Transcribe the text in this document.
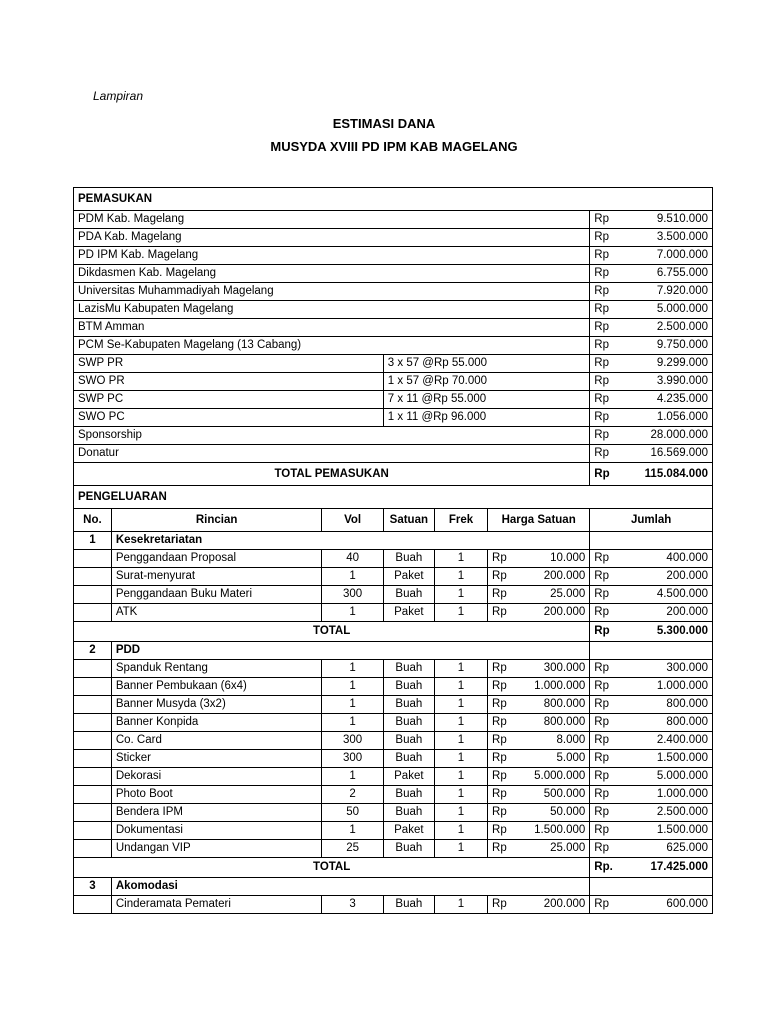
Lampiran
ESTIMASI DANA
MUSYDA XVIII PD IPM KAB MAGELANG
PEMASUKAN						
PDM Kab. Magelang						Rp 9.510.000

PDA Kab. Magelang						Rp 3.500.000

PD IPM Kab. Magelang						Rp 7.000.000

Dikdasmen Kab. Magelang						Rp 6.755.000

Universitas Muhammadiyah Magelang						Rp 7.920.000

LazisMu Kabupaten Magelang						Rp 5.000.000

BTM Amman						Rp 2.500.000

PCM Se-Kabupaten Magelang (13 Cabang)						Rp 9.750.000

SWP PR			3 x 57 @Rp 55.000			Rp 9.299.000

SWO PR			1 x 57 @Rp 70.000			Rp 3.990.000

SWP PC			7 x 11 @Rp 55.000			Rp 4.235.000

SWO PC			1 x 11 @Rp 96.000			Rp 1.056.000

Sponsorship						Rp 28.000.000

Donatur						Rp 16.569.000

TOTAL PEMASUKAN						Rp 115.084.000

PENGELUARAN						
No.	Rincian	Vol	Satuan	Frek	Harga Satuan	Jumlah
1	Kesekretariatan					
	Penggandaan Proposal	40	Buah	1	Rp 10.000	Rp 400.000

	Surat-menyurat	1	Paket	1	Rp 200.000	Rp 200.000

	Penggandaan Buku Materi	300	Buah	1	Rp 25.000	Rp 4.500.000

	ATK	1	Paket	1	Rp 200.000	Rp 200.000

TOTAL						Rp 5.300.000

2	PDD					
	Spanduk Rentang	1	Buah	1	Rp 300.000	Rp 300.000

	Banner Pembukaan (6x4)	1	Buah	1	Rp 1.000.000	Rp 1.000.000

	Banner Musyda (3x2)	1	Buah	1	Rp 800.000	Rp 800.000

	Banner Konpida	1	Buah	1	Rp 800.000	Rp 800.000

	Co. Card	300	Buah	1	Rp 8.000	Rp 2.400.000

	Sticker	300	Buah	1	Rp 5.000	Rp 1.500.000

	Dekorasi	1	Paket	1	Rp 5.000.000	Rp 5.000.000

	Photo Boot	2	Buah	1	Rp 500.000	Rp 1.000.000

	Bendera IPM	50	Buah	1	Rp 50.000	Rp 2.500.000

	Dokumentasi	1	Paket	1	Rp 1.500.000	Rp 1.500.000

	Undangan VIP	25	Buah	1	Rp 25.000	Rp 625.000

TOTAL						Rp. 17.425.000

3	Akomodasi					
	Cinderamata Pemateri	3	Buah	1	Rp 200.000	Rp 600.000
